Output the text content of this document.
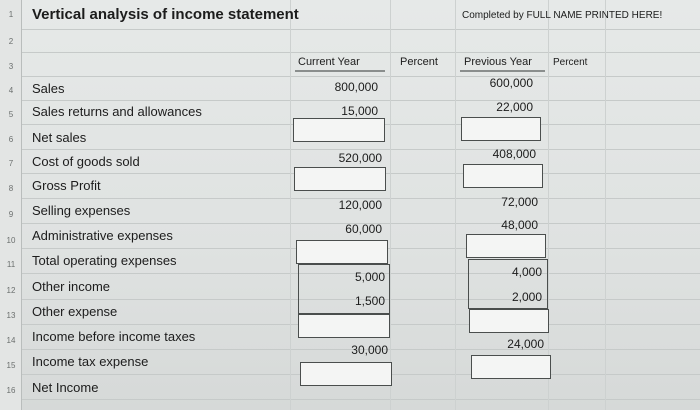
1
2
3
4
5
6
7
8
9
10
11
12
13
14
15
16
Vertical analysis of income statement	Completed by FULL NAME PRINTED HERE!
Current Year	Percent Previous Year Percent
Sales
Sales returns and allowances
Net sales
Cost of goods sold
Gross Profit
Selling expenses
Administrative expenses
Total operating expenses
Other income
Other expense
Income before income taxes
Income tax expense
Net Income
800,000
15,000
520,000
120,000
60,000
5,000
1,500
30,000
600,000
22,000
408,000
72,000
48,000
4,000
2,000
24,000
